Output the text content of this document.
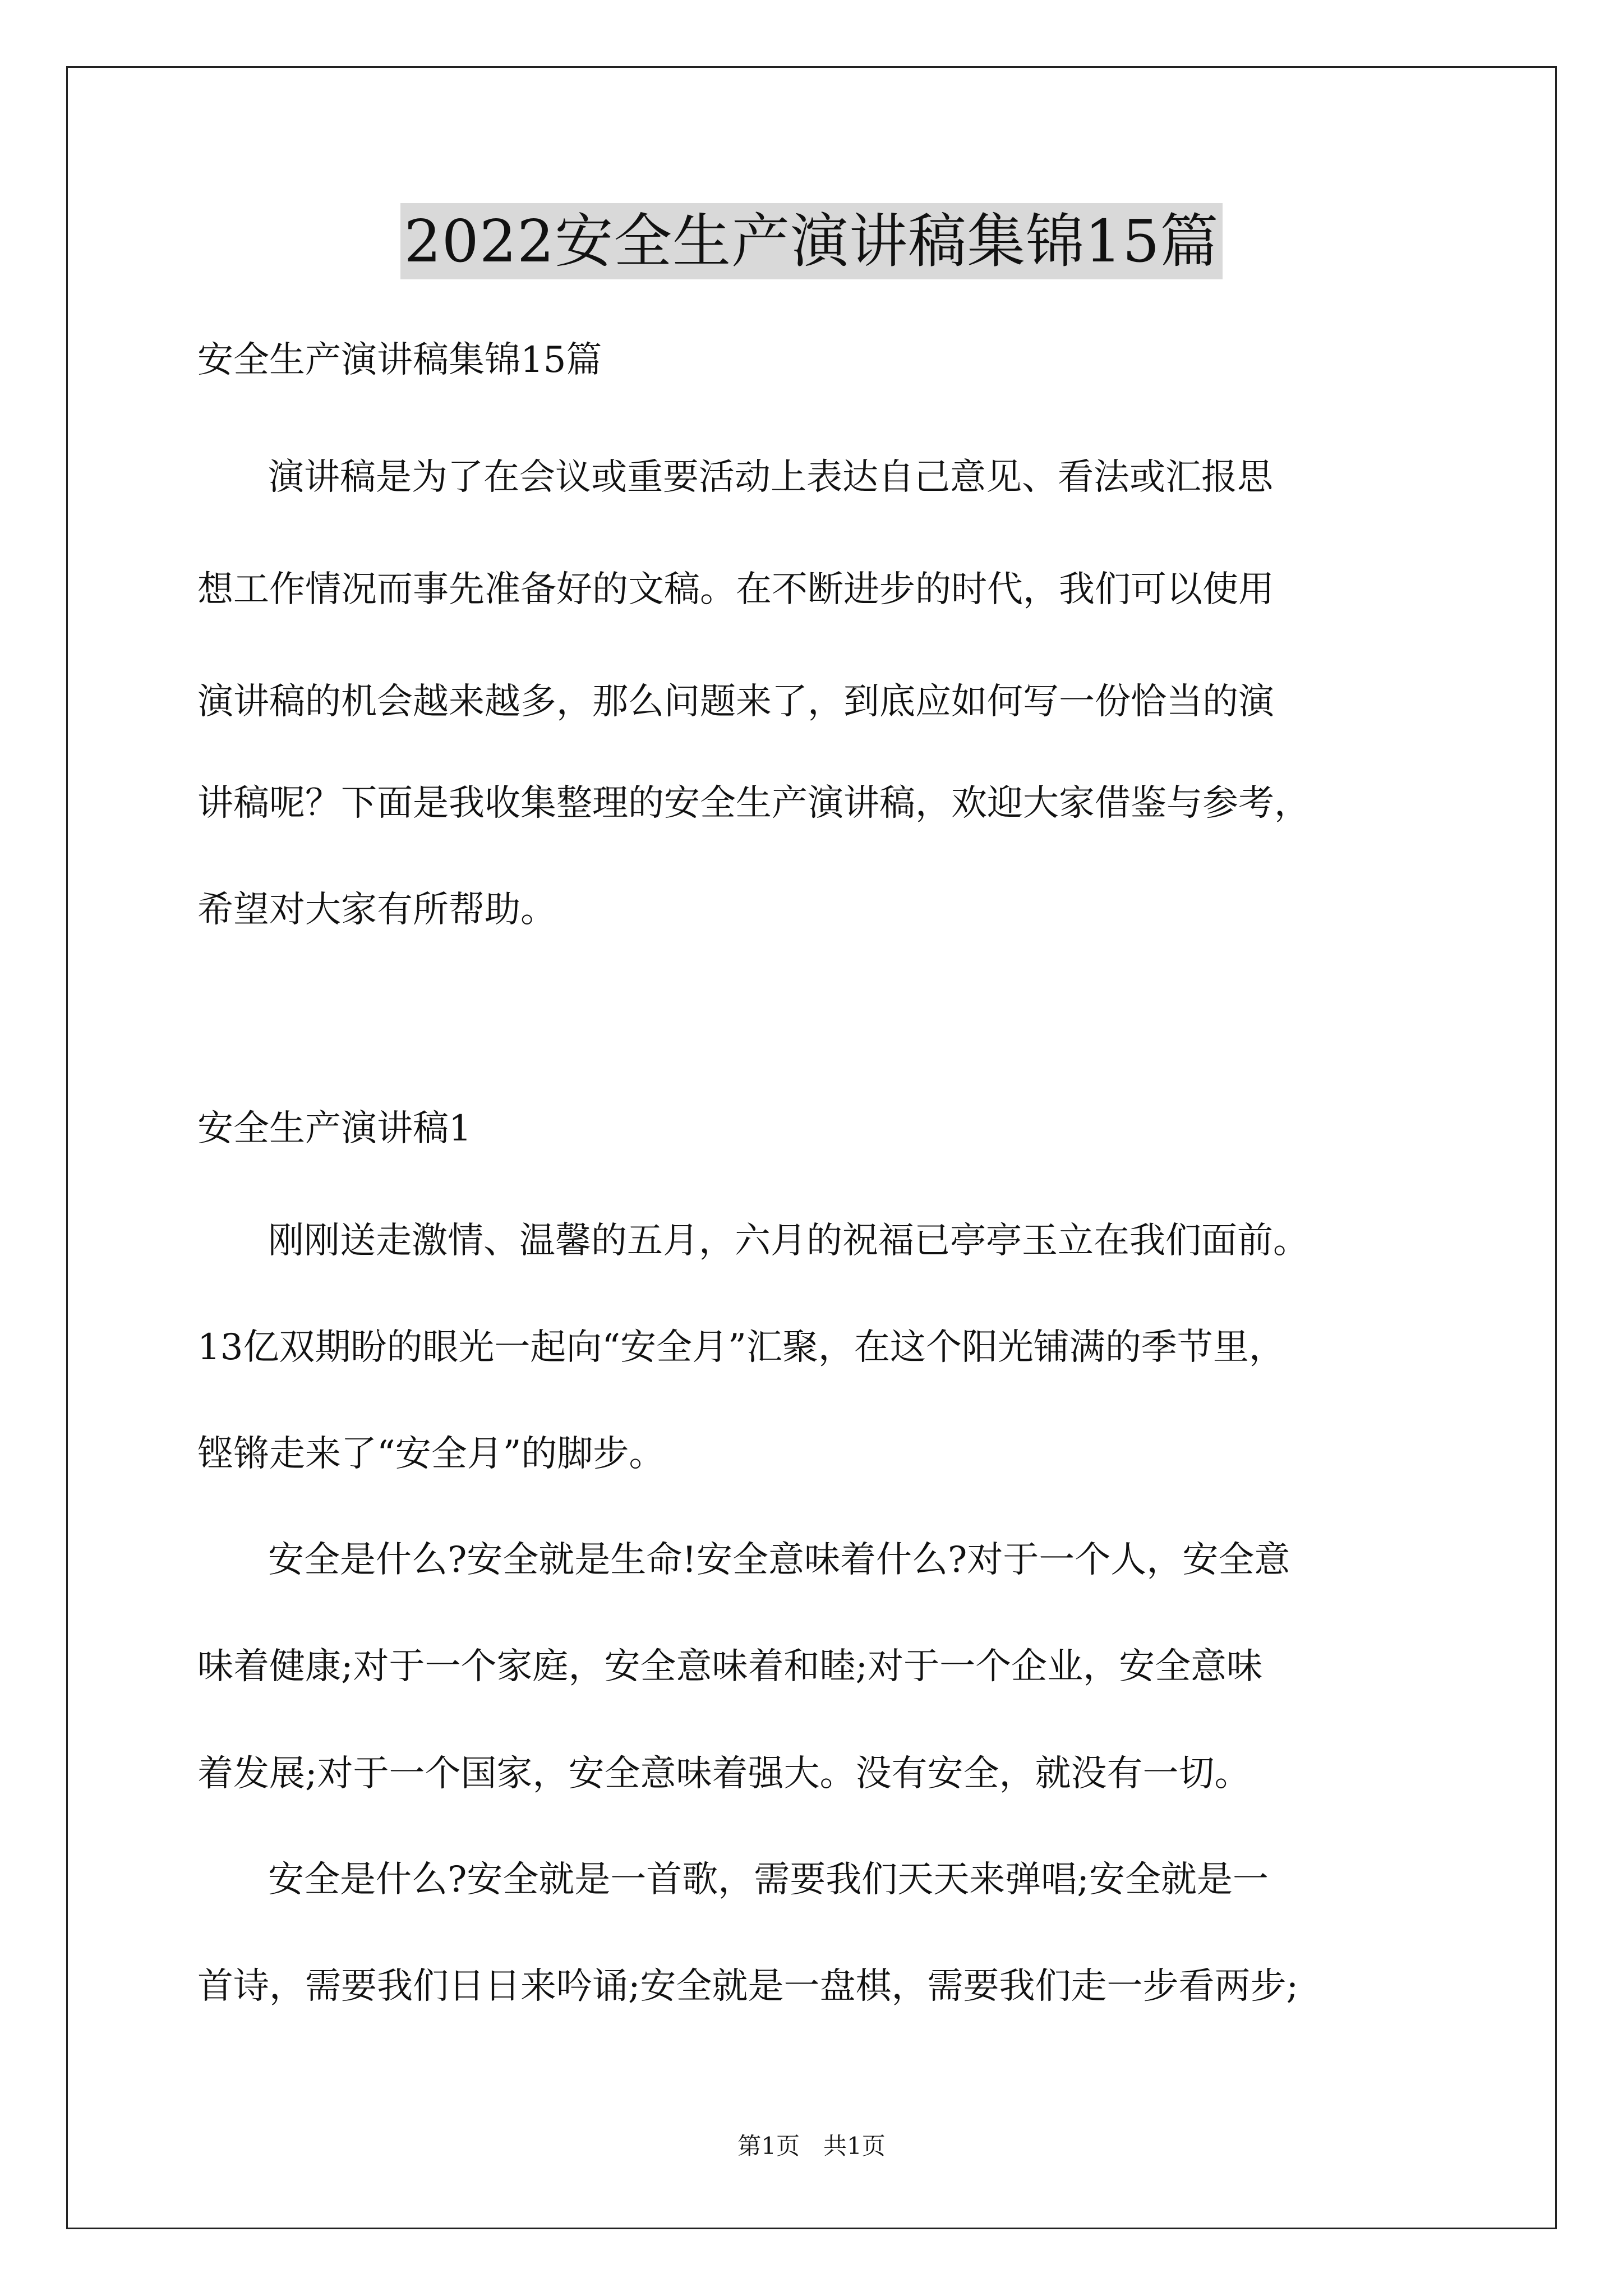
2022安全生产演讲稿集锦15篇

安全生产演讲稿集锦15篇

演讲稿是为了在会议或重要活动上表达自己意见、看法或汇报思

想工作情况而事先准备好的文稿。在不断进步的时代，我们可以使用

演讲稿的机会越来越多，那么问题来了，到底应如何写一份恰当的演

讲稿呢？下面是我收集整理的安全生产演讲稿，欢迎大家借鉴与参考，

希望对大家有所帮助。

安全生产演讲稿1

刚刚送走激情、温馨的五月，六月的祝福已亭亭玉立在我们面前。

13亿双期盼的眼光一起向“安全月”汇聚，在这个阳光铺满的季节里，

铿锵走来了“安全月”的脚步。

安全是什么?安全就是生命!安全意味着什么?对于一个人，安全意

味着健康;对于一个家庭，安全意味着和睦;对于一个企业，安全意味

着发展;对于一个国家，安全意味着强大。没有安全，就没有一切。

安全是什么?安全就是一首歌，需要我们天天来弹唱;安全就是一

首诗，需要我们日日来吟诵;安全就是一盘棋，需要我们走一步看两步;

第1页 共1页
